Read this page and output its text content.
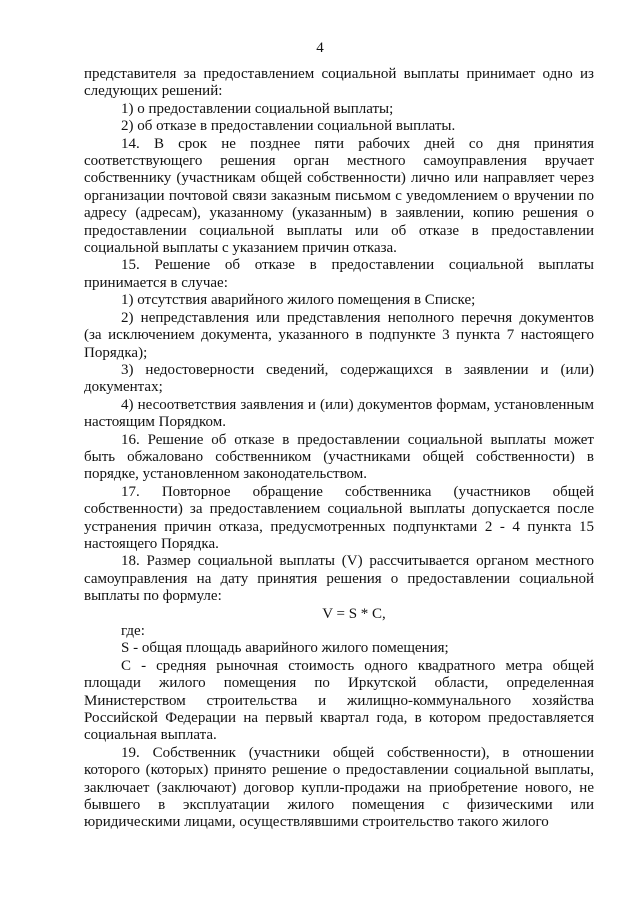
4

представителя за предоставлением социальной выплаты принимает одно из следующих решений:

1) о предоставлении социальной выплаты;

2) об отказе в предоставлении социальной выплаты.

14. В срок не позднее пяти рабочих дней со дня принятия соответствующего решения орган местного самоуправления вручает собственнику (участникам общей собственности) лично или направляет через организации почтовой связи заказным письмом с уведомлением о вручении по адресу (адресам), указанному (указанным) в заявлении, копию решения о предоставлении социальной выплаты или об отказе в предоставлении социальной выплаты с указанием причин отказа.

15. Решение об отказе в предоставлении социальной выплаты принимается в случае:

1) отсутствия аварийного жилого помещения в Списке;

2) непредставления или представления неполного перечня документов (за исключением документа, указанного в подпункте 3 пункта 7 настоящего Порядка);

3) недостоверности сведений, содержащихся в заявлении и (или) документах;

4) несоответствия заявления и (или) документов формам, установленным настоящим Порядком.

16. Решение об отказе в предоставлении социальной выплаты может быть обжаловано собственником (участниками общей собственности) в порядке, установленном законодательством.

17. Повторное обращение собственника (участников общей собственности) за предоставлением социальной выплаты допускается после устранения причин отказа, предусмотренных подпунктами 2 - 4 пункта 15 настоящего Порядка.

18. Размер социальной выплаты (V) рассчитывается органом местного самоуправления на дату принятия решения о предоставлении социальной выплаты по формуле:

V = S * C,

где:

S - общая площадь аварийного жилого помещения;

C - средняя рыночная стоимость одного квадратного метра общей площади жилого помещения по Иркутской области, определенная Министерством строительства и жилищно-коммунального хозяйства Российской Федерации на первый квартал года, в котором предоставляется социальная выплата.

19. Собственник (участники общей собственности), в отношении которого (которых) принято решение о предоставлении социальной выплаты, заключает (заключают) договор купли-продажи на приобретение нового, не бывшего в эксплуатации жилого помещения с физическими или юридическими лицами, осуществлявшими строительство такого жилого
